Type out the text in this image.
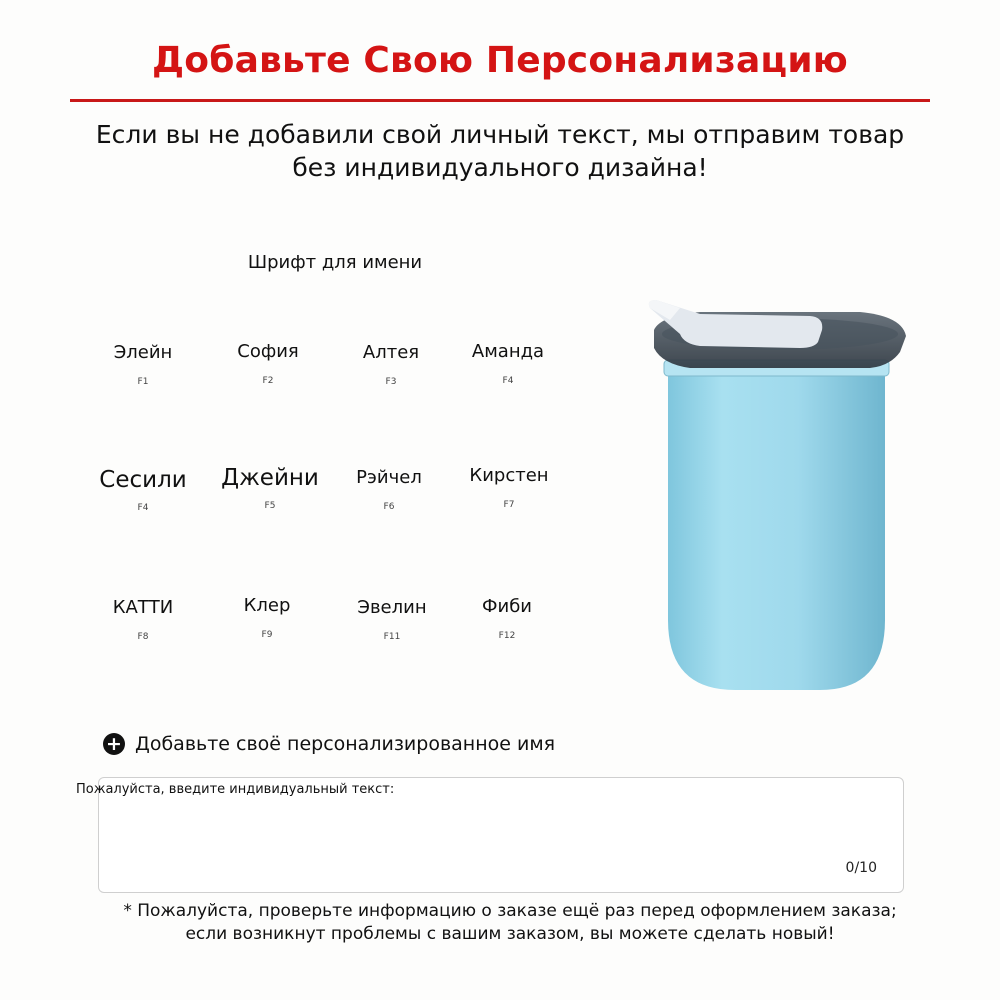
Добавьте Свою Персонализацию
Если вы не добавили свой личный текст, мы отправим товар
без индивидуального дизайна!
Шрифт для имени
Элейн
F1
София
F2
Алтея
F3
Аманда
F4
Сесили
F4
Джейни
F5
Рэйчел
F6
Кирстен
F7
КАТТИ
F8
Клер
F9
Эвелин
F11
Фиби
F12
+ Добавьте своё персонализированное имя
0/10
Пожалуйста, введите индивидуальный текст:
* Пожалуйста, проверьте информацию о заказе ещё раз перед оформлением заказа;
если возникнут проблемы с вашим заказом, вы можете сделать новый!
